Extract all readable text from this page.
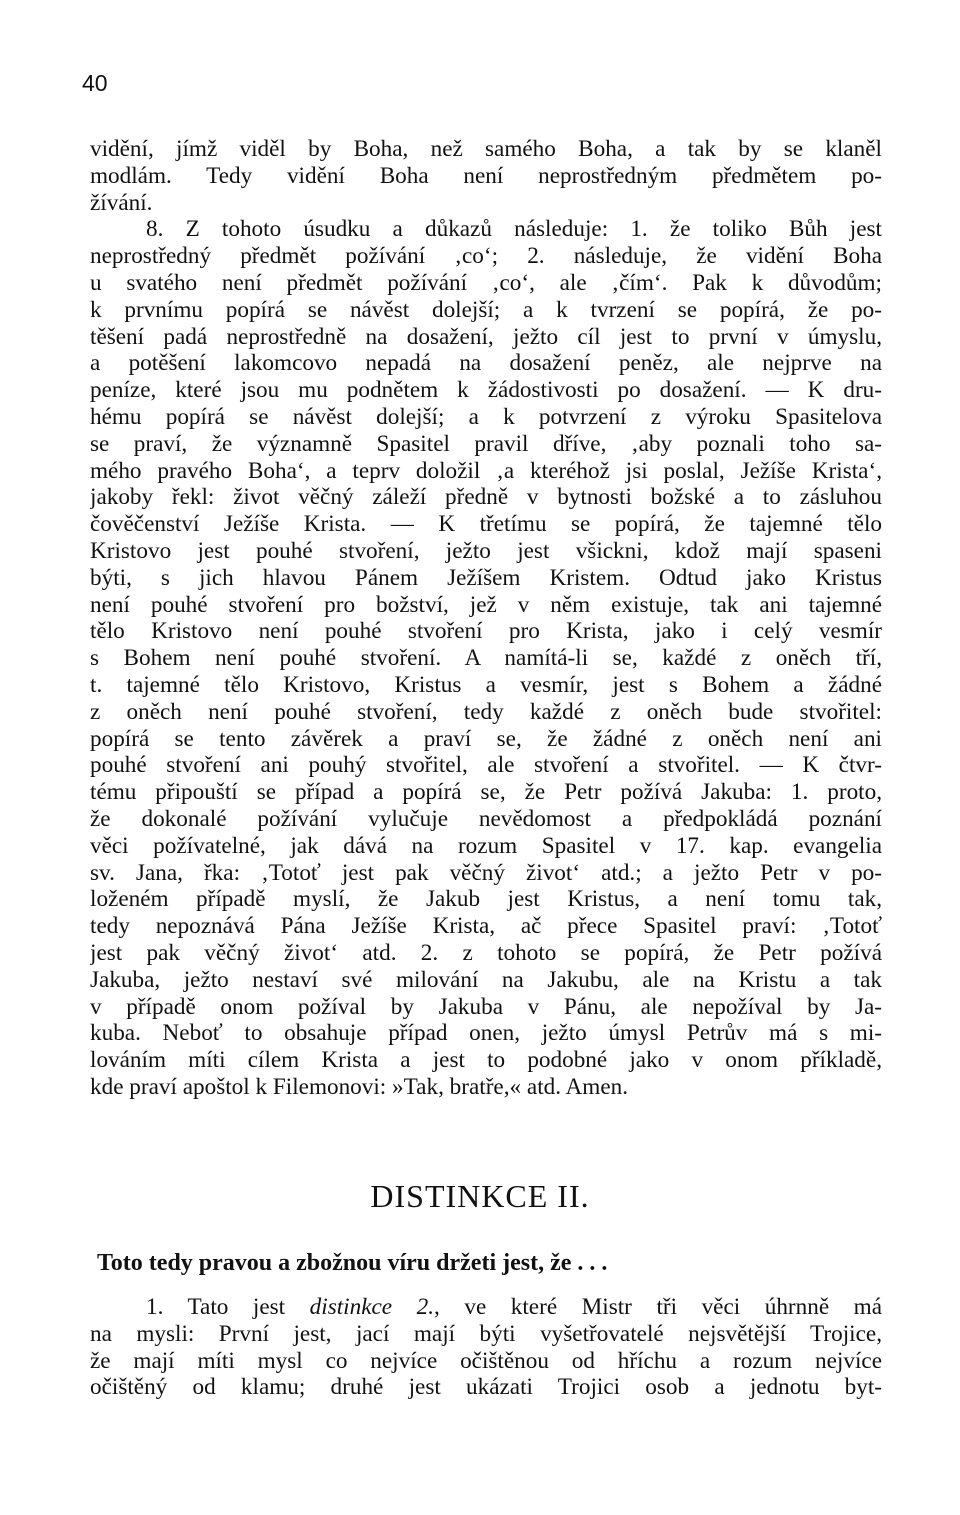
40
vidění, jímž viděl by Boha, než samého Boha, a tak by se klaněl
modlám. Tedy vidění Boha není neprostředným předmětem po-
žívání.
8. Z tohoto úsudku a důkazů následuje: 1. že toliko Bůh jest
neprostředný předmět požívání ‚co‘; 2. následuje, že vidění Boha
u svatého není předmět požívání ‚co‘, ale ‚čím‘. Pak k důvodům;
k prvnímu popírá se návěst dolejší; a k tvrzení se popírá, že po-
těšení padá neprostředně na dosažení, ježto cíl jest to první v úmyslu,
a potěšení lakomcovo nepadá na dosažení peněz, ale nejprve na
peníze, které jsou mu podnětem k žádostivosti po dosažení. — K dru-
hému popírá se návěst dolejší; a k potvrzení z výroku Spasitelova
se praví, že významně Spasitel pravil dříve, ‚aby poznali toho sa-
mého pravého Boha‘, a teprv doložil ‚a kteréhož jsi poslal, Ježíše Krista‘,
jakoby řekl: život věčný záleží předně v bytnosti božské a to zásluhou
čověčenství Ježíše Krista. — K třetímu se popírá, že tajemné tělo
Kristovo jest pouhé stvoření, ježto jest všickni, kdož mají spaseni
býti, s jich hlavou Pánem Ježíšem Kristem. Odtud jako Kristus
není pouhé stvoření pro božství, jež v něm existuje, tak ani tajemné
tělo Kristovo není pouhé stvoření pro Krista, jako i celý vesmír
s Bohem není pouhé stvoření. A namítá-li se, každé z oněch tří,
t. tajemné tělo Kristovo, Kristus a vesmír, jest s Bohem a žádné
z oněch není pouhé stvoření, tedy každé z oněch bude stvořitel:
popírá se tento závěrek a praví se, že žádné z oněch není ani
pouhé stvoření ani pouhý stvořitel, ale stvoření a stvořitel. — K čtvr-
tému připouští se případ a popírá se, že Petr požívá Jakuba: 1. proto,
že dokonalé požívání vylučuje nevědomost a předpokládá poznání
věci požívatelné, jak dává na rozum Spasitel v 17. kap. evangelia
sv. Jana, řka: ‚Totoť jest pak věčný život‘ atd.; a ježto Petr v po-
loženém případě myslí, že Jakub jest Kristus, a není tomu tak,
tedy nepoznává Pána Ježíše Krista, ač přece Spasitel praví: ‚Totoť
jest pak věčný život‘ atd. 2. z tohoto se popírá, že Petr požívá
Jakuba, ježto nestaví své milování na Jakubu, ale na Kristu a tak
v případě onom požíval by Jakuba v Pánu, ale nepožíval by Ja-
kuba. Neboť to obsahuje případ onen, ježto úmysl Petrův má s mi-
lováním míti cílem Krista a jest to podobné jako v onom příkladě,
kde praví apoštol k Filemonovi: »Tak, bratře,« atd. Amen.
DISTINKCE II.
Toto tedy pravou a zbožnou víru držeti jest, že . . .
1. Tato jest distinkce 2., ve které Mistr tři věci úhrnně má
na mysli: První jest, jací mají býti vyšetřovatelé nejsvětější Trojice,
že mají míti mysl co nejvíce očištěnou od hříchu a rozum nejvíce
očištěný od klamu; druhé jest ukázati Trojici osob a jednotu byt-
